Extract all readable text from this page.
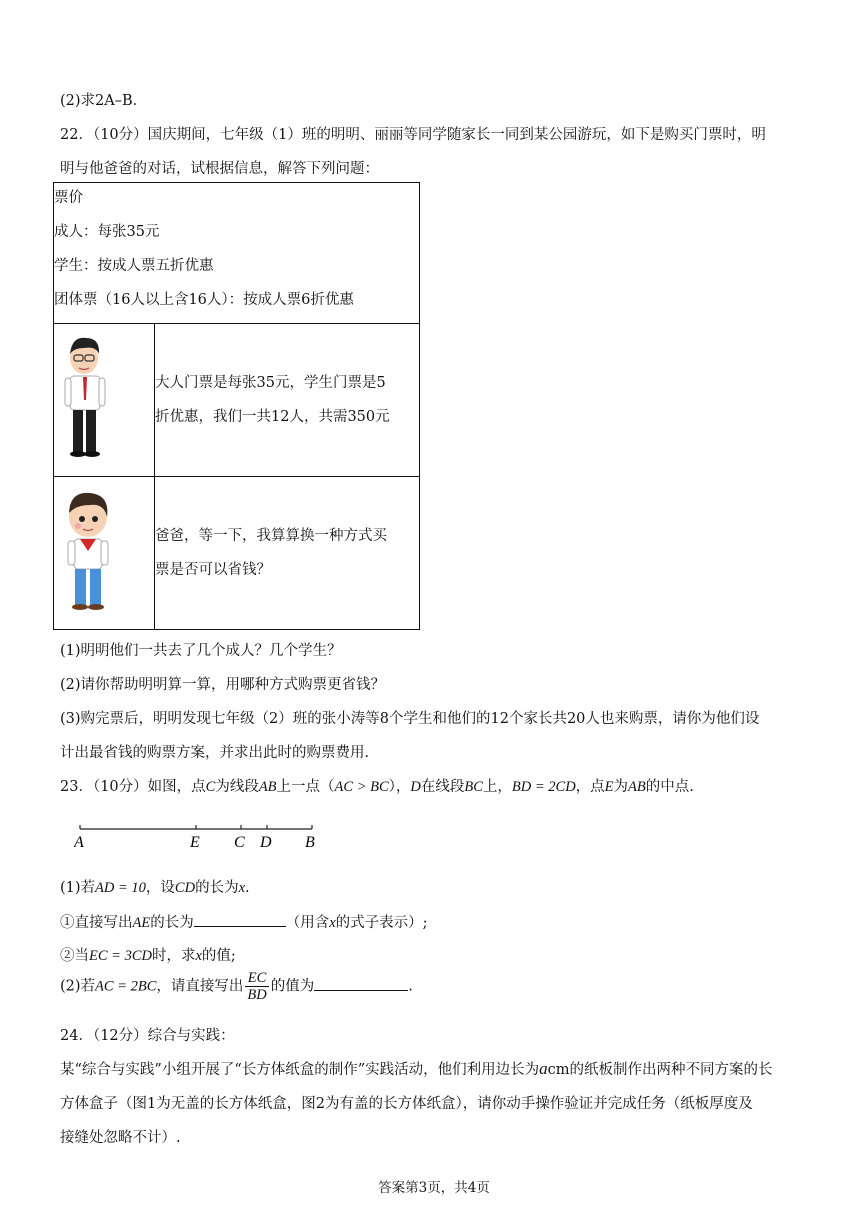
(2)求2A–B．
22．（10分）国庆期间，七年级（1）班的明明、丽丽等同学随家长一同到某公园游玩，如下是购买门票时，明
明与他爸爸的对话，试根据信息，解答下列问题：
票价
成人：每张35元
学生：按成人票五折优惠
团体票（16人以上含16人）：按成人票6折优惠	

大人门票是每张35元，学生门票是5
折优惠，我们一共12人，共需350元

爸爸，等一下，我算算换一种方式买
票是否可以省钱？
(1)明明他们一共去了几个成人？几个学生？
(2)请你帮助明明算一算，用哪种方式购票更省钱？
(3)购完票后，明明发现七年级（2）班的张小涛等8个学生和他们的12个家长共20人也来购票，请你为他们设
计出最省钱的购票方案，并求出此时的购票费用.
23．（10分）如图，点C为线段AB上一点（AC > BC），D在线段BC上，BD = 2CD，点E为AB的中点.
A	E C D B
(1)若AD = 10，设CD的长为x.
①直接写出AE的长为	（用含x的式子表示）;
②当EC = 3CD时，求x的值;
(2)若AC = 2BC，请直接写出 $\frac{EC}{BD}$ 的值为	.
24．（12分）综合与实践：
某“综合与实践”小组开展了“长方体纸盒的制作”实践活动，他们利用边长为acm的纸板制作出两种不同方案的长
方体盒子（图1为无盖的长方体纸盒，图2为有盖的长方体纸盒），请你动手操作验证并完成任务（纸板厚度及
接缝处忽略不计）.
答案第3页，共4页
